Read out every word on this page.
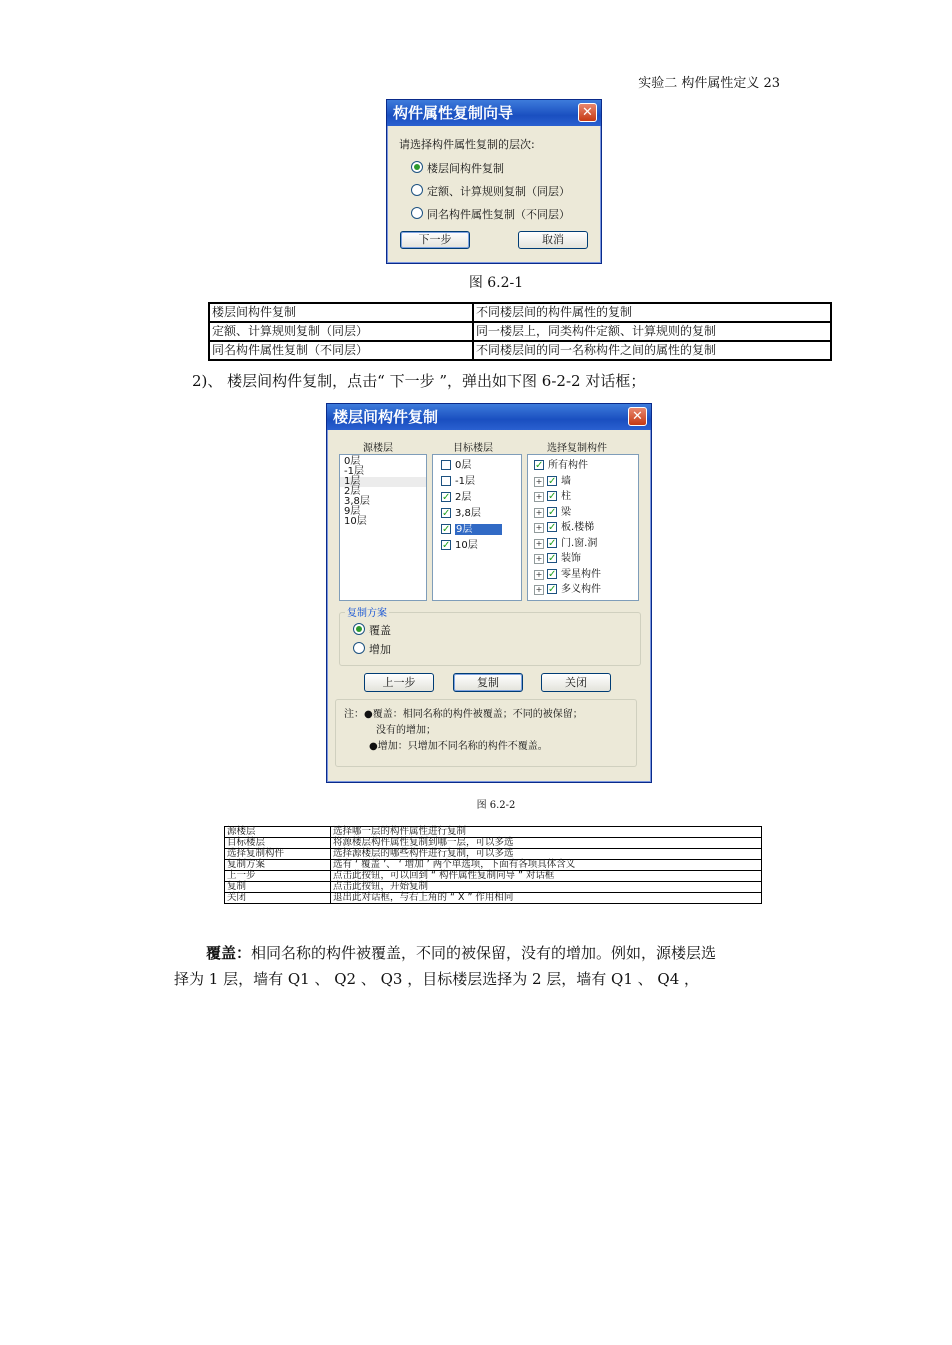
实验二 构件属性定义 23
构件属性复制向导	✕
请选择构件属性复制的层次:
楼层间构件复制
定额、计算规则复制（同层）
同名构件属性复制（不同层）
下一步	取消
图 6.2-1
楼层间构件复制	不同楼层间的构件属性的复制
定额、计算规则复制（同层）	同一楼层上，同类构件定额、计算规则的复制
同名构件属性复制（不同层）	不同楼层间的同一名称构件之间的属性的复制
2)、 楼层间构件复制，点击“ 下一步 ”，弹出如下图 6-2-2 对话框；
楼层间构件复制	✕
源楼层	目标楼层	选择复制构件
0层
-1层
1层
2层
3,8层
9层
10层
0层
-1层
✓2层
✓3,8层
✓9层
✓10层
✓所有构件
+ ✓ 墙
+ ✓ 柱
+ ✓ 梁
+ ✓ 板.楼梯
+ ✓ 门.窗.洞
+ ✓ 装饰
+ ✓ 零星构件
+ ✓ 多义构件
复制方案
覆盖
增加
上一步	复制	关闭
注：●覆盖：相同名称的构件被覆盖；不同的被保留；
没有的增加；
●增加：只增加不同名称的构件不覆盖。
图 6.2-2
源楼层	选择哪一层的构件属性进行复制
目标楼层	将源楼层构件属性复制到哪一层，可以多选
选择复制构件	选择源楼层的哪些构件进行复制，可以多选
复制方案	选有 ‘ 覆盖 ’、 ‘ 增加 ’ 两个单选项，下面有各项具体含义
上一步	点击此按钮，可以回到 “ 构件属性复制向导 ” 对话框
复制	点击此按钮，开始复制
关闭	退出此对话框，与右上角的 “ X ” 作用相同
覆盖：相同名称的构件被覆盖，不同的被保留，没有的增加。例如，源楼层选
择为 1 层，墙有 Q1 、 Q2 、 Q3 ，目标楼层选择为 2 层，墙有 Q1 、 Q4 ，
